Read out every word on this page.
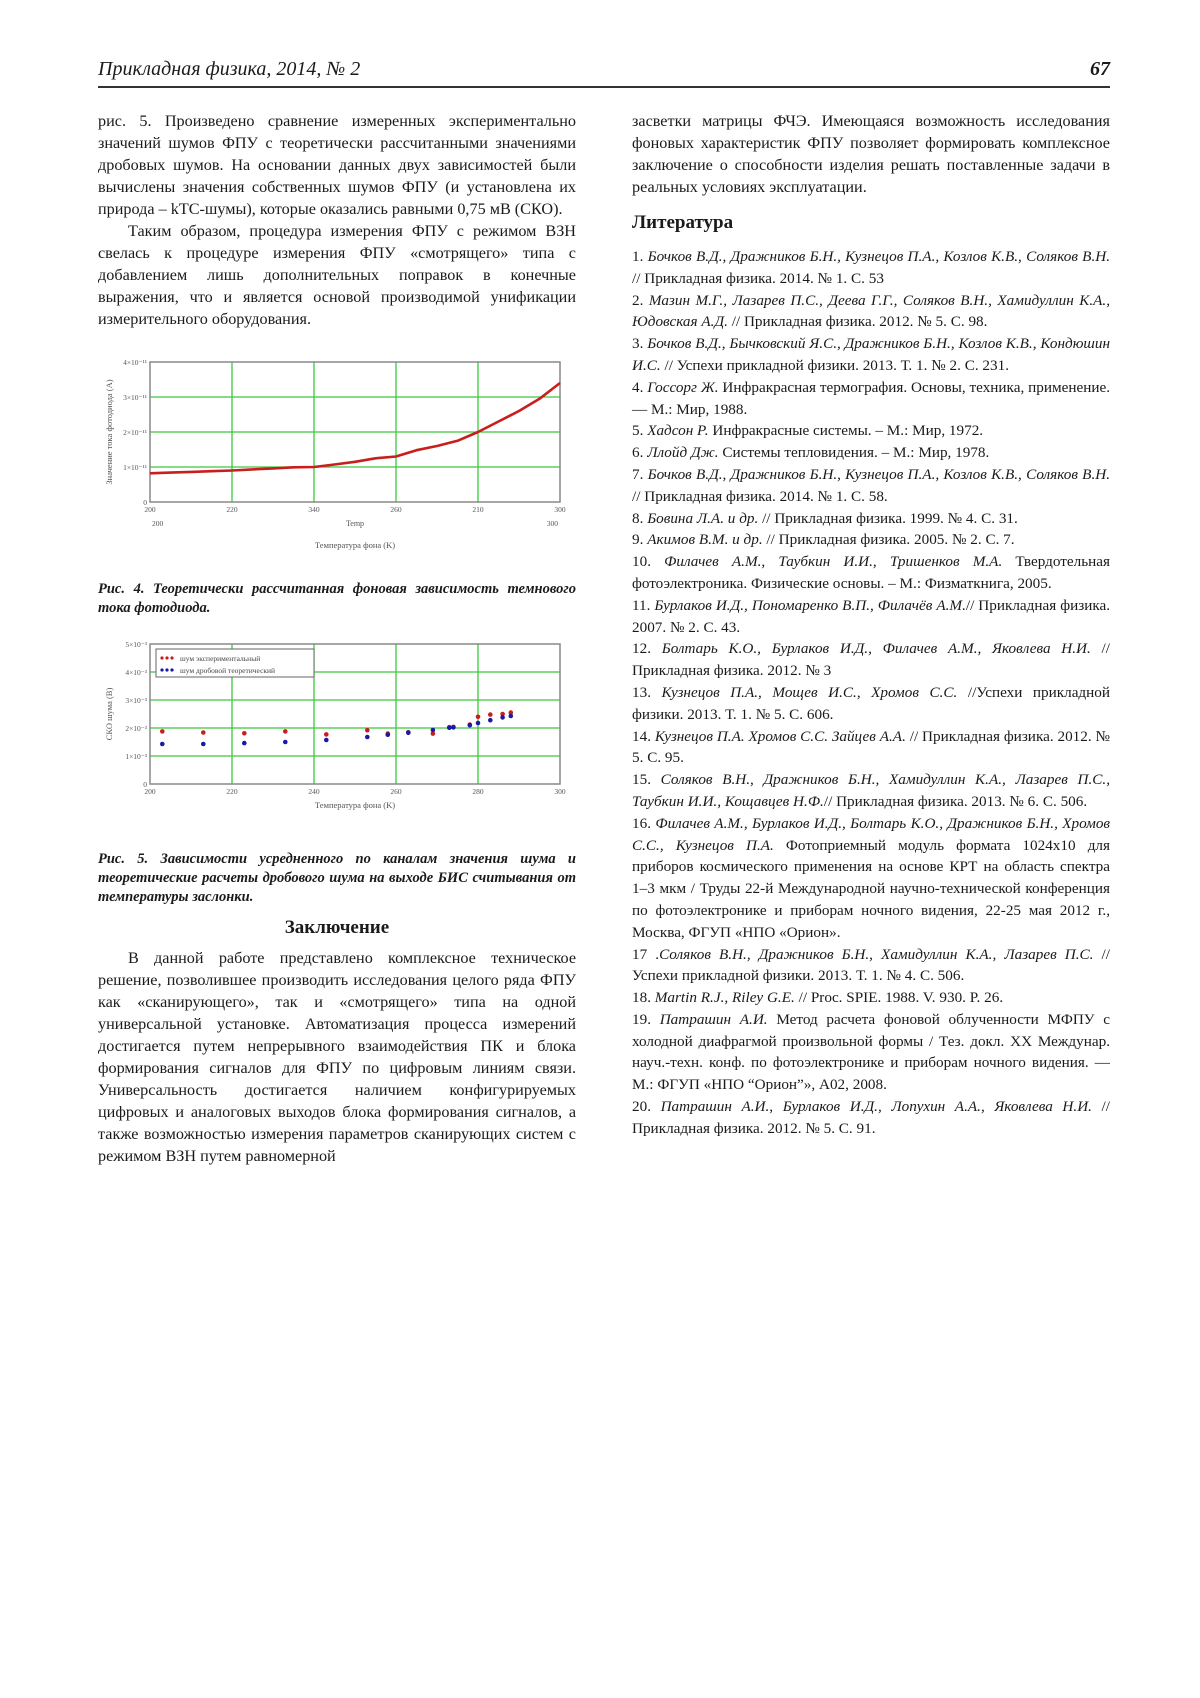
Прикладная физика, 2014, № 2	67

рис. 5. Произведено сравнение измеренных экспериментально значений шумов ФПУ с теоретически рассчитанными значениями дробовых шумов. На основании данных двух зависимостей были вычислены значения собственных шумов ФПУ (и установлена их природа – kTC-шумы), которые оказались равными 0,75 мВ (СКО).

Таким образом, процедура измерения ФПУ с режимом ВЗН свелась к процедуре измерения ФПУ «смотрящего» типа с добавлением лишь дополнительных поправок в конечные выражения, что и является основой производимой унификации измерительного оборудования.

0
1×10⁻¹¹
2×10⁻¹¹
3×10⁻¹¹
4×10⁻¹¹
200	220	340	260	210	300
200	300
Temp
Температура фона (K)
Значение тока фотодиода (A)

Рис. 4. Теоретически рассчитанная фоновая зависимость темнового тока фотодиода.

0
1×10⁻³
2×10⁻³
3×10⁻³
4×10⁻³
5×10⁻³
200	220	240	260	280	300
Температура фона (K)
СКО шума (В)
шум экспериментальный
шум дробовой теоретический

Рис. 5. Зависимости усредненного по каналам значения шума и теоретические расчеты дробового шума на выходе БИС считывания от температуры заслонки.

Заключение

В данной работе представлено комплексное техническое решение, позволившее производить исследования целого ряда ФПУ как «сканирующего», так и «смотрящего» типа на одной универсальной установке. Автоматизация процесса измерений достигается путем непрерывного взаимодействия ПК и блока формирования сигналов для ФПУ по цифровым линиям связи. Универсальность достигается наличием конфигурируемых цифровых и аналоговых выходов блока формирования сигналов, а также возможностью измерения параметров сканирующих систем с режимом ВЗН путем равномерной

засветки матрицы ФЧЭ. Имеющаяся возможность исследования фоновых характеристик ФПУ позволяет формировать комплексное заключение о способности изделия решать поставленные задачи в реальных условиях эксплуатации.

Литература

1. Бочков В.Д., Дражников Б.Н., Кузнецов П.А., Козлов К.В., Соляков В.Н. // Прикладная физика. 2014. № 1. С. 53

2. Мазин М.Г., Лазарев П.С., Деева Г.Г., Соляков В.Н., Хамидуллин К.А., Юдовская А.Д. // Прикладная физика. 2012. № 5. С. 98.

3. Бочков В.Д., Бычковский Я.С., Дражников Б.Н., Козлов К.В., Кондюшин И.С. // Успехи прикладной физики. 2013. Т. 1. № 2. С. 231.

4. Госсорг Ж. Инфракрасная термография. Основы, техника, применение. — М.: Мир, 1988.

5. Хадсон Р. Инфракрасные системы. – М.: Мир, 1972.

6. Ллойд Дж. Системы тепловидения. – М.: Мир, 1978.

7. Бочков В.Д., Дражников Б.Н., Кузнецов П.А., Козлов К.В., Соляков В.Н. // Прикладная физика. 2014. № 1. С. 58.

8. Бовина Л.А. и др. // Прикладная физика. 1999. № 4. С. 31.

9. Акимов В.М. и др. // Прикладная физика. 2005. № 2. С. 7.

10. Филачев А.М., Таубкин И.И., Тришенков М.А. Твердотельная фотоэлектроника. Физические основы. – М.: Физматкнига, 2005.

11. Бурлаков И.Д., Пономаренко В.П., Филачёв А.М.// Прикладная физика. 2007. № 2. С. 43.

12. Болтарь К.О., Бурлаков И.Д., Филачев А.М., Яковлева Н.И. // Прикладная физика. 2012. № 3

13. Кузнецов П.А., Мощев И.С., Хромов С.С. //Успехи прикладной физики. 2013. Т. 1. № 5. С. 606.

14. Кузнецов П.А. Хромов С.С. Зайцев А.А. // Прикладная физика. 2012. № 5. С. 95.

15. Соляков В.Н., Дражников Б.Н., Хамидуллин К.А., Лазарев П.С., Таубкин И.И., Кощавцев Н.Ф.// Прикладная физика. 2013. № 6. С. 506.

16. Филачев А.М., Бурлаков И.Д., Болтарь К.О., Дражников Б.Н., Хромов С.С., Кузнецов П.А. Фотоприемный модуль формата 1024x10 для приборов космического применения на основе КРТ на область спектра 1–3 мкм / Труды 22-й Международной научно-технической конференция по фотоэлектронике и приборам ночного видения, 22-25 мая 2012 г., Москва, ФГУП «НПО «Орион».

17 .Соляков В.Н., Дражников Б.Н., Хамидуллин К.А., Лазарев П.С. // Успехи прикладной физики. 2013. Т. 1. № 4. С. 506.

18. Martin R.J., Riley G.E. // Proc. SPIE. 1988. V. 930. P. 26.

19. Патрашин А.И. Метод расчета фоновой облученности МФПУ с холодной диафрагмой произвольной формы / Тез. докл. XX Междунар. науч.-техн. конф. по фотоэлектронике и приборам ночного видения. — М.: ФГУП «НПО “Орион”», А02, 2008.

20. Патрашин А.И., Бурлаков И.Д., Лопухин А.А., Яковлева Н.И. // Прикладная физика. 2012. № 5. С. 91.
